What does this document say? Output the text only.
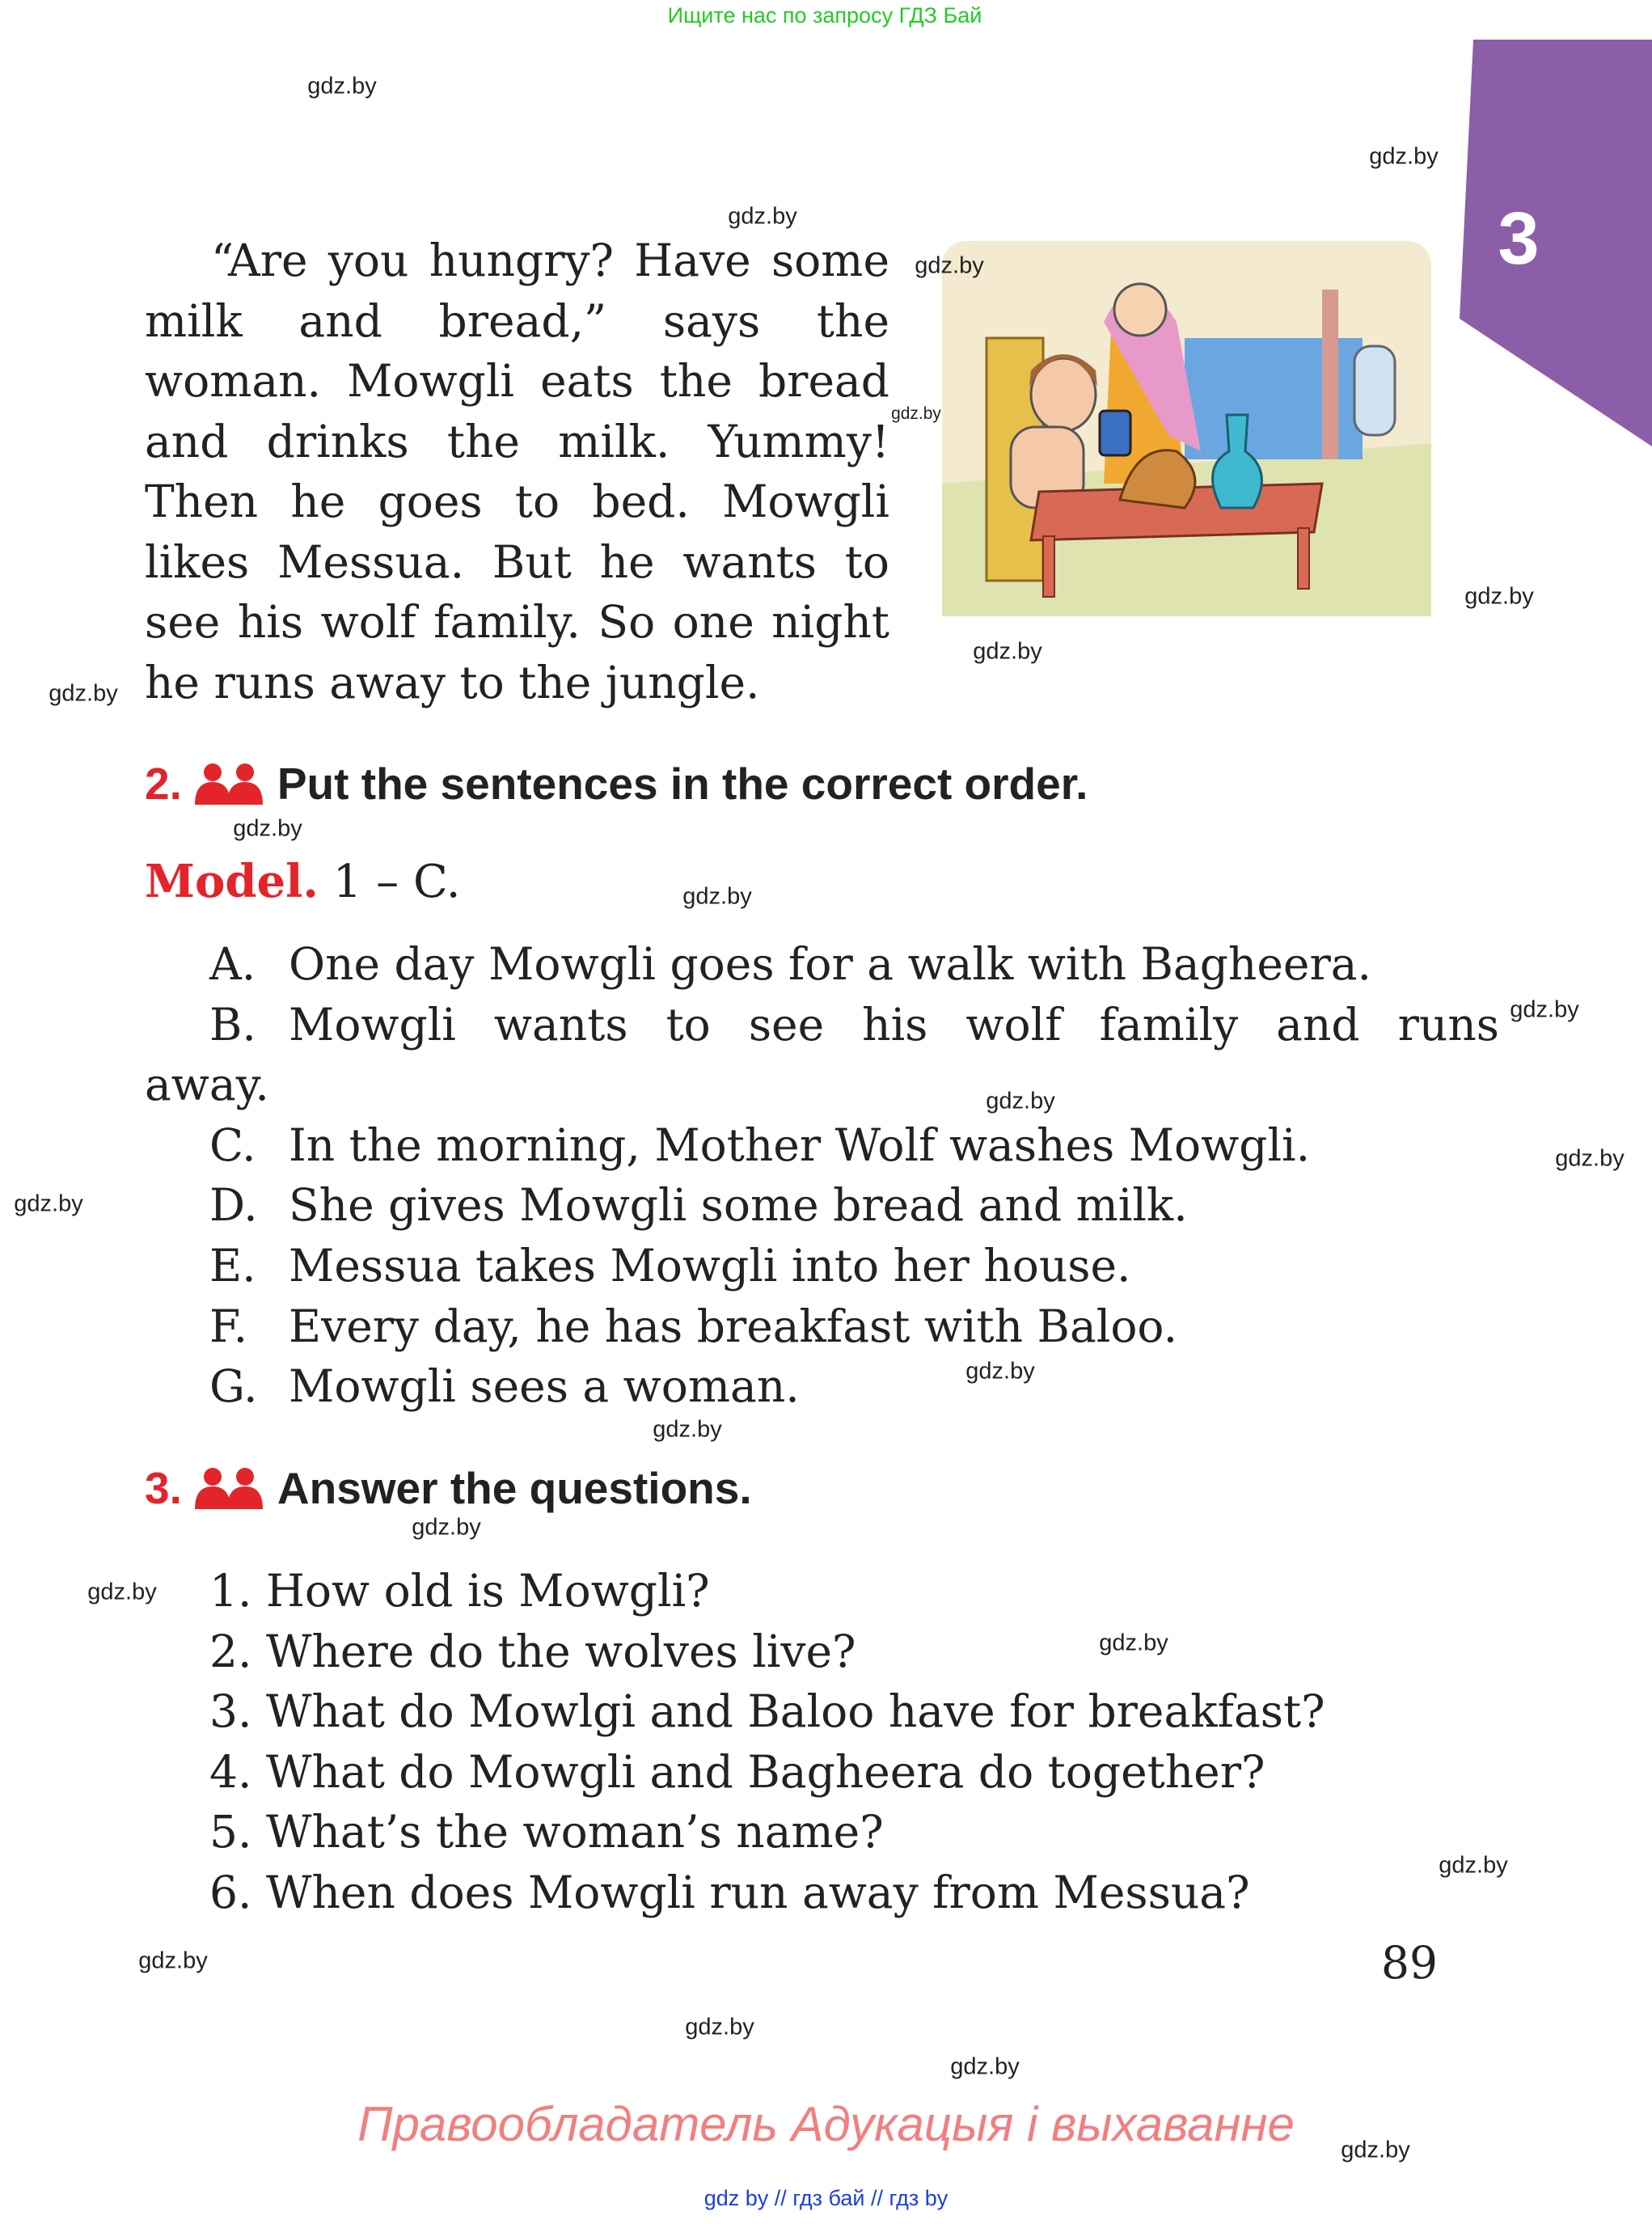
Ищите нас по запросу ГДЗ Бай
3
“Are you hungry? Have some
milk and bread,” says the
woman. Mowgli eats the bread
and drinks the milk. Yummy!
Then he goes to bed. Mowgli
likes Messua. But he wants to
see his wolf family. So one night
he runs away to the jungle.
2. Put the sentences in the correct order.
Model. 1 – C.
A. One day Mowgli goes for a walk with Bagheera.
B. Mowgli wants to see his wolf family and runs
away.
C. In the morning, Mother Wolf washes Mowgli.
D. She gives Mowgli some bread and milk.
E. Messua takes Mowgli into her house.
F. Every day, he has breakfast with Baloo.
G. Mowgli sees a woman.
3. Answer the questions.
1. How old is Mowgli?
2. Where do the wolves live?
3. What do Mowlgi and Baloo have for breakfast?
4. What do Mowgli and Bagheera do together?
5. What’s the woman’s name?
6. When does Mowgli run away from Messua?
89
Правообладатель Адукацыя і выхаванне
gdz by // гдз бай // гдз by
gdz.by
gdz.by
gdz.by
gdz.by
gdz.by
gdz.by
gdz.by
gdz.by
gdz.by
gdz.by
gdz.by
gdz.by
gdz.by
gdz.by
gdz.by
gdz.by
gdz.by
gdz.by
gdz.by
gdz.by
gdz.by
gdz.by
gdz.by
gdz.by
